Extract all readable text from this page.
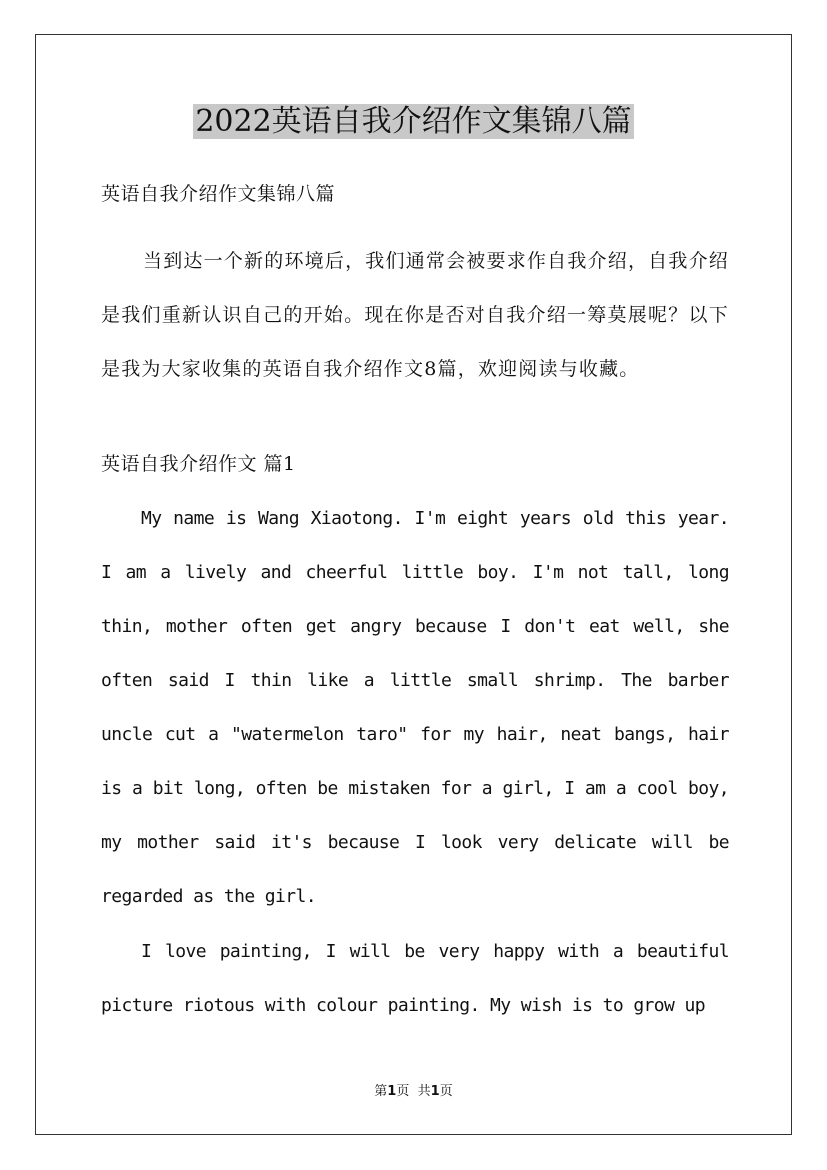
2022英语自我介绍作文集锦八篇
英语自我介绍作文集锦八篇

当到达一个新的环境后，我们通常会被要求作自我介绍，自我介绍是我们重新认识自己的开始。现在你是否对自我介绍一筹莫展呢？以下是我为大家收集的英语自我介绍作文8篇，欢迎阅读与收藏。

英语自我介绍作文 篇1

My name is Wang Xiaotong. I'm eight years old this year. I am a lively and cheerful little boy. I'm not tall, long thin, mother often get angry because I don't eat well, she often said I thin like a little small shrimp. The barber uncle cut a "watermelon taro" for my hair, neat bangs, hair is a bit long, often be mistaken for a girl, I am a cool boy, my mother said it's because I look very delicate will be regarded as the girl.

I love painting, I will be very happy with a beautiful picture riotous with colour painting. My wish is to grow up

第1页 共1页
